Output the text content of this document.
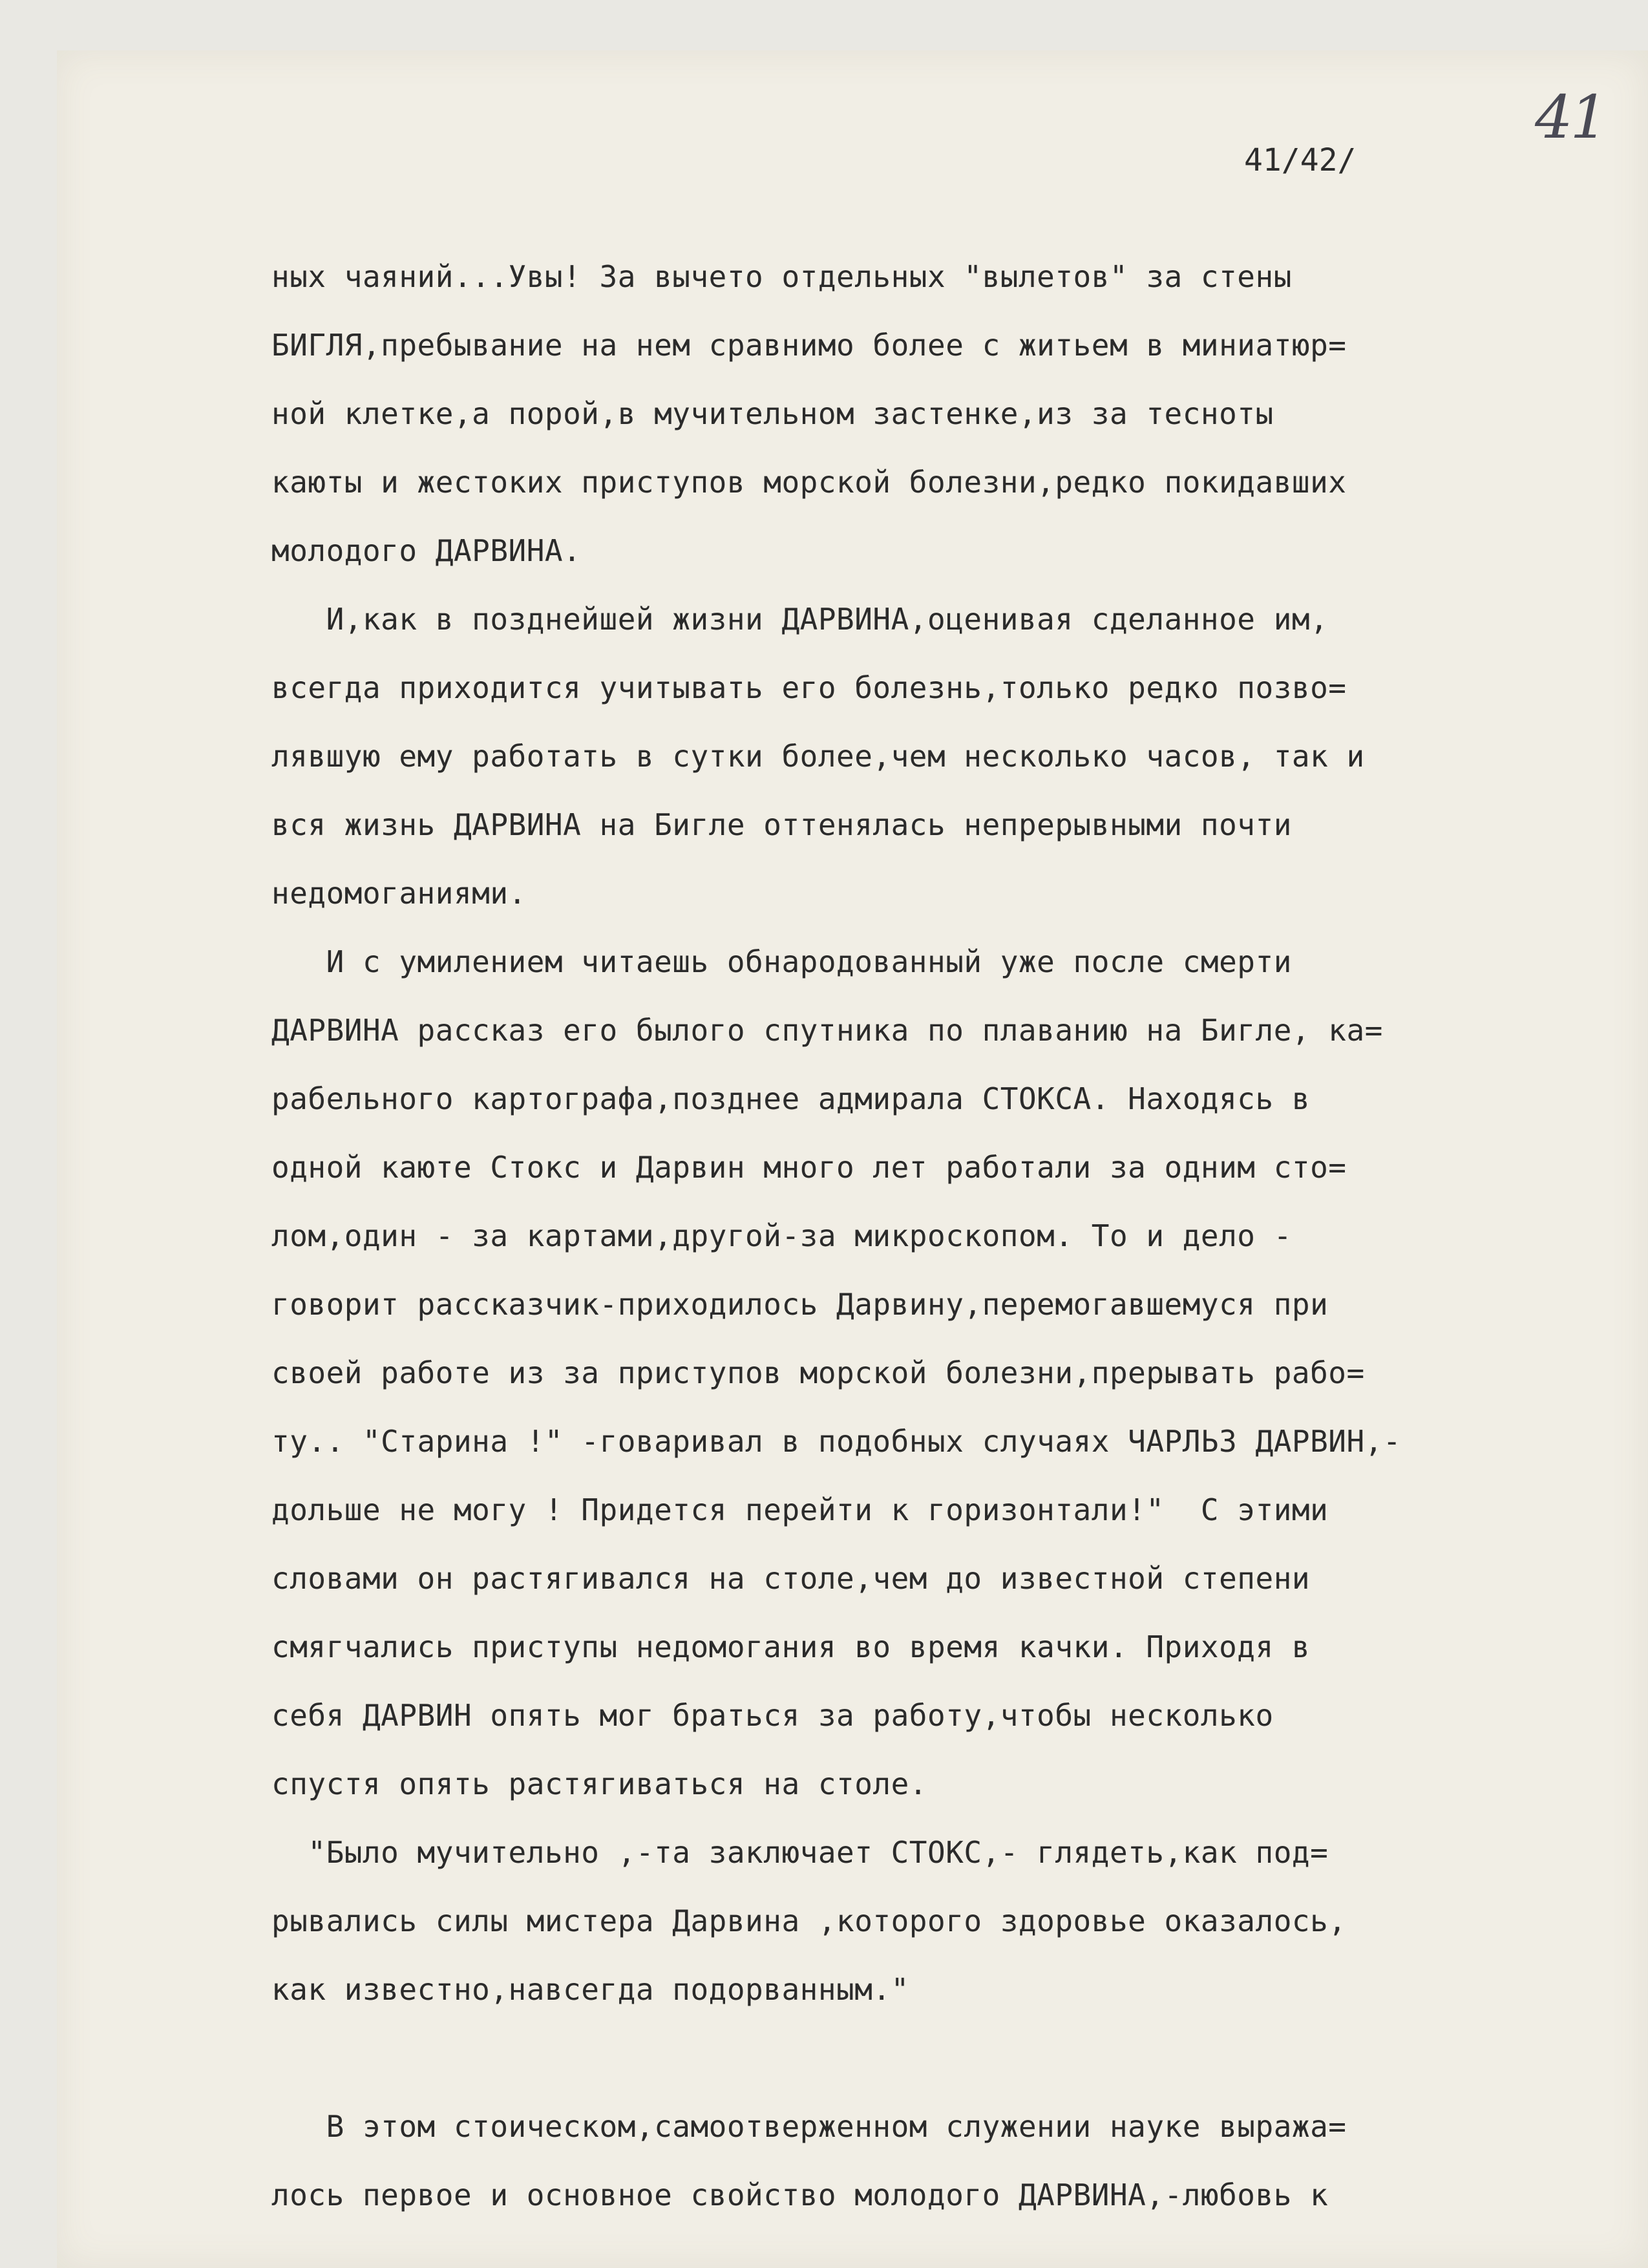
41
41/42/
ных чаяний...Увы! За вычето отдельных "вылетов" за стены
БИГЛЯ,пребывание на нем сравнимо более с житьем в миниатюр=
ной клетке,а порой,в мучительном застенке,из за тесноты
каюты и жестоких приступов морской болезни,редко покидавших
молодого ДАРВИНА.
И,как в позднейшей жизни ДАРВИНА,оценивая сделанное им,
всегда приходится учитывать его болезнь,только редко позво=
лявшую ему работать в сутки более,чем несколько часов, так и
вся жизнь ДАРВИНА на Бигле оттенялась непрерывными почти
недомоганиями.
И с умилением читаешь обнародованный уже после смерти
ДАРВИНА рассказ его былого спутника по плаванию на Бигле, ка=
рабельного картографа,позднее адмирала СТОКСА. Находясь в
одной каюте Стокс и Дарвин много лет работали за одним сто=
лом,один - за картами,другой-за микроскопом. То и дело -
говорит рассказчик-приходилось Дарвину,перемогавшемуся при
своей работе из за приступов морской болезни,прерывать рабо=
ту.. "Старина !" -говаривал в подобных случаях ЧАРЛЬЗ ДАРВИН,-
дольше не могу ! Придется перейти к горизонтали!"  С этими
словами он растягивался на столе,чем до известной степени
смягчались приступы недомогания во время качки. Приходя в
себя ДАРВИН опять мог браться за работу,чтобы несколько
спустя опять растягиваться на столе.
"Было мучительно ,-та заключает СТОКС,- глядеть,как под=
рывались силы мистера Дарвина ,которого здоровье оказалось,
как известно,навсегда подорванным."
В этом стоическом,самоотверженном служении науке выража=
лось первое и основное свойство молодого ДАРВИНА,-любовь к
